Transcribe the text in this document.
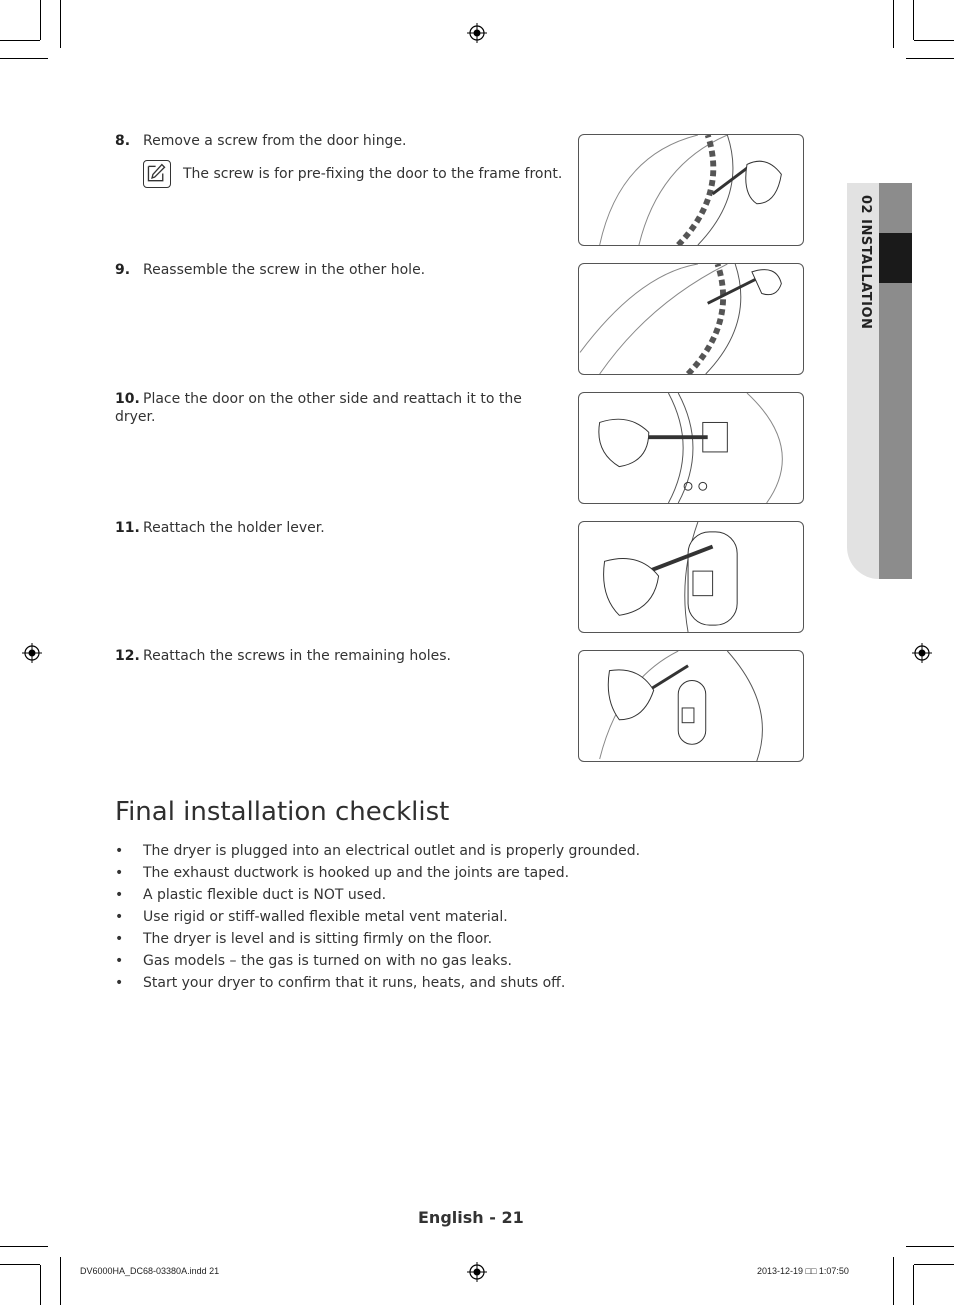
02 INSTALLATION
8. Remove a screw from the door hinge.
The screw is for pre-fixing the door to the frame front.
9. Reassemble the screw in the other hole.
10. Place the door on the other side and reattach it to the dryer.
11. Reattach the holder lever.
12. Reattach the screws in the remaining holes.
Final installation checklist
• The dryer is plugged into an electrical outlet and is properly grounded.
• The exhaust ductwork is hooked up and the joints are taped.
• A plastic flexible duct is NOT used.
• Use rigid or stiff-walled flexible metal vent material.
• The dryer is level and is sitting firmly on the floor.
• Gas models – the gas is turned on with no gas leaks.
• Start your dryer to confirm that it runs, heats, and shuts off.
English - 21
DV6000HA_DC68-03380A.indd 21	2013-12-19 □□ 1:07:50
